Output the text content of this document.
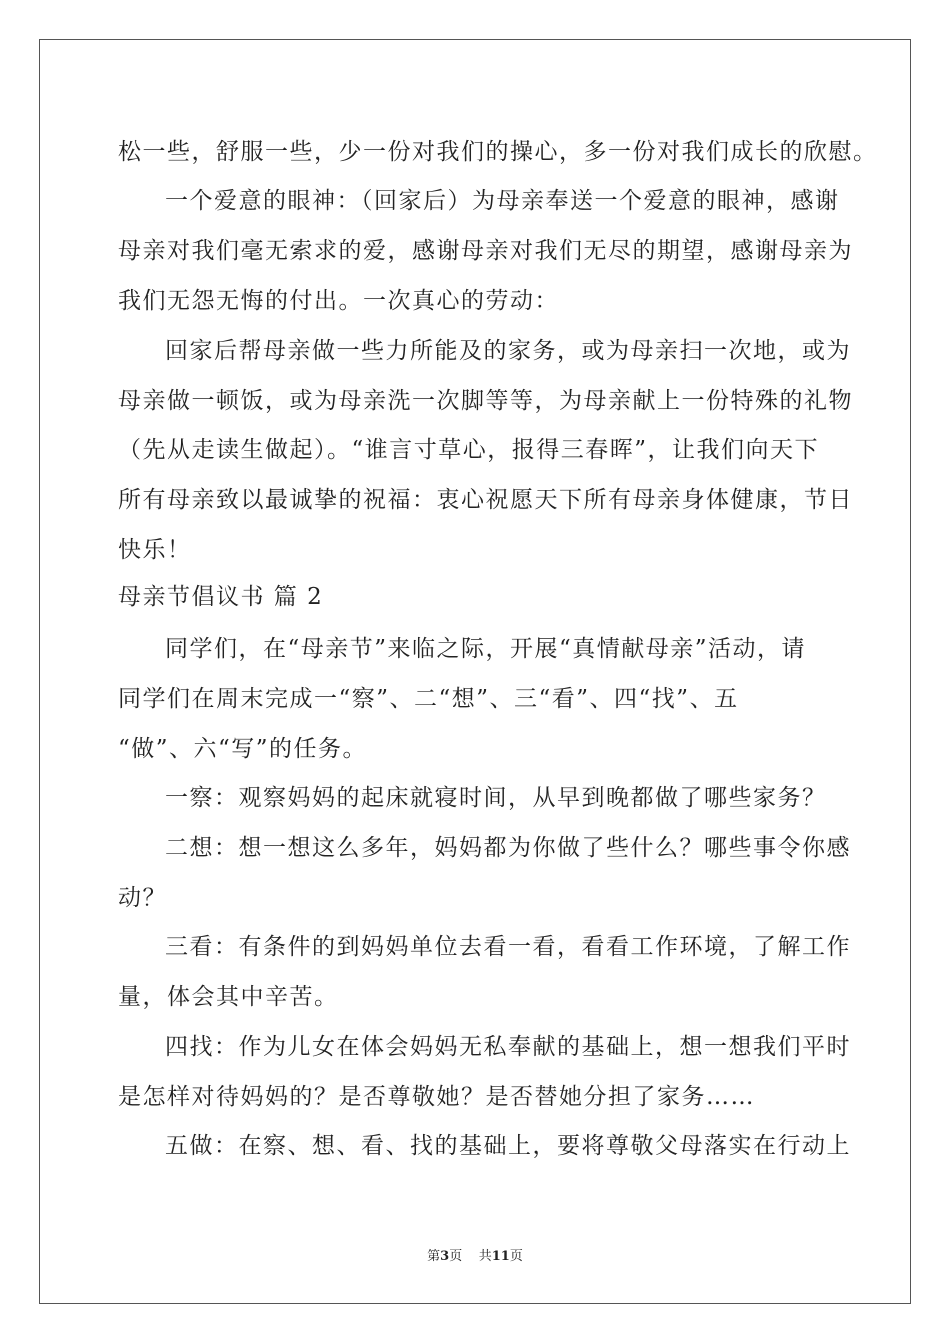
松一些，舒服一些，少一份对我们的操心，多一份对我们成长的欣慰。
一个爱意的眼神：（回家后）为母亲奉送一个爱意的眼神，感谢
母亲对我们毫无索求的爱，感谢母亲对我们无尽的期望，感谢母亲为
我们无怨无悔的付出。一次真心的劳动：
回家后帮母亲做一些力所能及的家务，或为母亲扫一次地，或为
母亲做一顿饭，或为母亲洗一次脚等等，为母亲献上一份特殊的礼物
（先从走读生做起）。“谁言寸草心，报得三春晖”，让我们向天下
所有母亲致以最诚挚的祝福：衷心祝愿天下所有母亲身体健康，节日
快乐！
母亲节倡议书 篇 2
同学们，在“母亲节”来临之际，开展“真情献母亲”活动，请
同学们在周末完成一“察”、二“想”、三“看”、四“找”、五
“做”、六“写”的任务。
一察：观察妈妈的起床就寝时间，从早到晚都做了哪些家务？
二想：想一想这么多年，妈妈都为你做了些什么？哪些事令你感
动？
三看：有条件的到妈妈单位去看一看，看看工作环境，了解工作
量，体会其中辛苦。
四找：作为儿女在体会妈妈无私奉献的基础上，想一想我们平时
是怎样对待妈妈的？是否尊敬她？是否替她分担了家务……
五做：在察、想、看、找的基础上，要将尊敬父母落实在行动上
第3页    共11页
